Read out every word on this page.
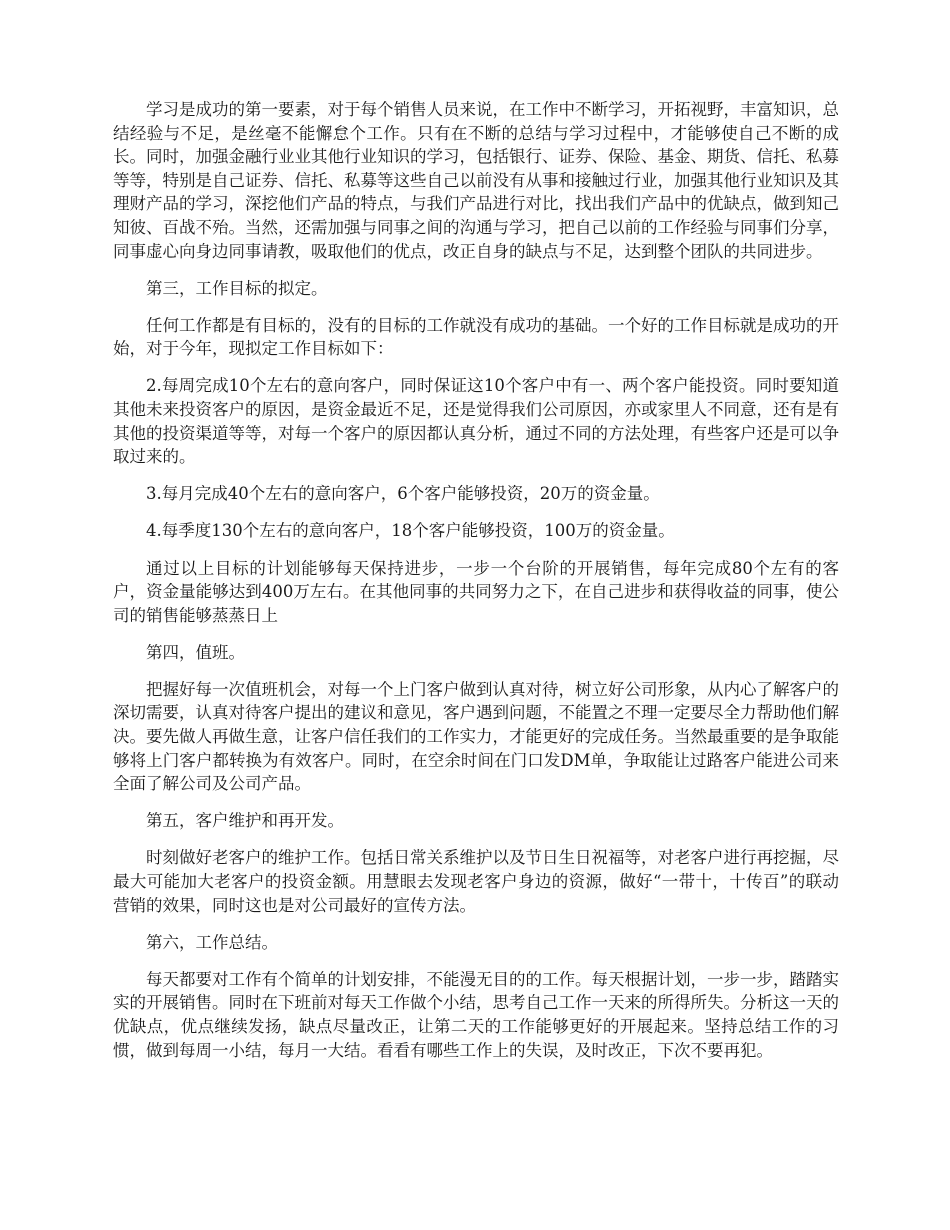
学习是成功的第一要素，对于每个销售人员来说，在工作中不断学习，开拓视野，丰富知识，总结经验与不足，是丝毫不能懈怠个工作。只有在不断的总结与学习过程中，才能够使自己不断的成长。同时，加强金融行业业其他行业知识的学习，包括银行、证券、保险、基金、期货、信托、私募等等，特别是自己证券、信托、私募等这些自己以前没有从事和接触过行业，加强其他行业知识及其理财产品的学习，深挖他们产品的特点，与我们产品进行对比，找出我们产品中的优缺点，做到知己知彼、百战不殆。当然，还需加强与同事之间的沟通与学习，把自己以前的工作经验与同事们分享，同事虚心向身边同事请教，吸取他们的优点，改正自身的缺点与不足，达到整个团队的共同进步。

第三，工作目标的拟定。

任何工作都是有目标的，没有的目标的工作就没有成功的基础。一个好的工作目标就是成功的开始，对于今年，现拟定工作目标如下：

2.每周完成10个左右的意向客户，同时保证这10个客户中有一、两个客户能投资。同时要知道其他未来投资客户的原因，是资金最近不足，还是觉得我们公司原因，亦或家里人不同意，还有是有其他的投资渠道等等，对每一个客户的原因都认真分析，通过不同的方法处理，有些客户还是可以争取过来的。

3.每月完成40个左右的意向客户，6个客户能够投资，20万的资金量。

4.每季度130个左右的意向客户，18个客户能够投资，100万的资金量。

通过以上目标的计划能够每天保持进步，一步一个台阶的开展销售，每年完成80个左有的客户，资金量能够达到400万左右。在其他同事的共同努力之下，在自己进步和获得收益的同事，使公司的销售能够蒸蒸日上

第四，值班。

把握好每一次值班机会，对每一个上门客户做到认真对待，树立好公司形象，从内心了解客户的深切需要，认真对待客户提出的建议和意见，客户遇到问题，不能置之不理一定要尽全力帮助他们解决。要先做人再做生意，让客户信任我们的工作实力，才能更好的完成任务。当然最重要的是争取能够将上门客户都转换为有效客户。同时，在空余时间在门口发DM单，争取能让过路客户能进公司来全面了解公司及公司产品。

第五，客户维护和再开发。

时刻做好老客户的维护工作。包括日常关系维护以及节日生日祝福等，对老客户进行再挖掘，尽最大可能加大老客户的投资金额。用慧眼去发现老客户身边的资源，做好“一带十，十传百”的联动营销的效果，同时这也是对公司最好的宣传方法。

第六，工作总结。

每天都要对工作有个简单的计划安排，不能漫无目的的工作。每天根据计划，一步一步，踏踏实实的开展销售。同时在下班前对每天工作做个小结，思考自己工作一天来的所得所失。分析这一天的优缺点，优点继续发扬，缺点尽量改正，让第二天的工作能够更好的开展起来。坚持总结工作的习惯，做到每周一小结，每月一大结。看看有哪些工作上的失误，及时改正，下次不要再犯。
